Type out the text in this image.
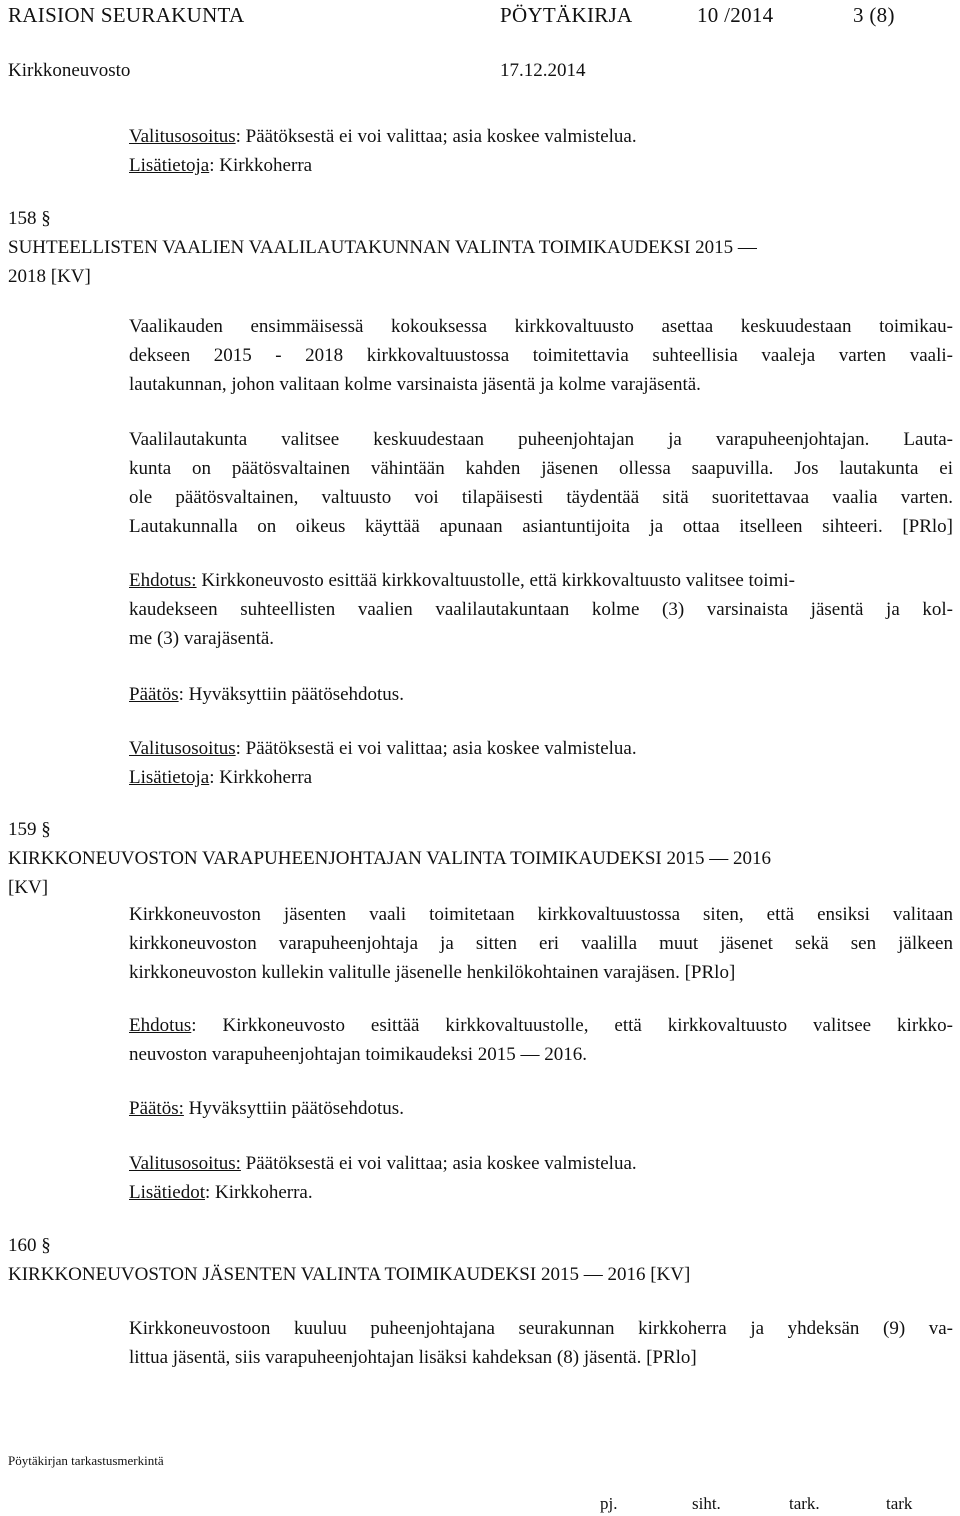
RAISION SEURAKUNTA	PÖYTÄKIRJA	10 /2014	3 (8)
Kirkkoneuvosto	17.12.2014
Valitusosoitus: Päätöksestä ei voi valittaa; asia koskee valmistelua.
Lisätietoja: Kirkkoherra
158 §
SUHTEELLISTEN VAALIEN VAALILAUTAKUNNAN VALINTA TOIMIKAUDEKSI 2015 —
2018 [KV]
Vaalikauden ensimmäisessä kokouksessa kirkkovaltuusto asettaa keskuudestaan toimikau-
dekseen 2015 - 2018 kirkkovaltuustossa toimitettavia suhteellisia vaaleja varten vaali-
lautakunnan, johon valitaan kolme varsinaista jäsentä ja kolme varajäsentä.
Vaalilautakunta valitsee keskuudestaan puheenjohtajan ja varapuheenjohtajan. Lauta-
kunta on päätösvaltainen vähintään kahden jäsenen ollessa saapuvilla. Jos lautakunta ei
ole päätösvaltainen, valtuusto voi tilapäisesti täydentää sitä suoritettavaa vaalia varten.
Lautakunnalla on oikeus käyttää apunaan asiantuntijoita ja ottaa itselleen sihteeri. [PRlo]
Ehdotus: Kirkkoneuvosto esittää kirkkovaltuustolle, että kirkkovaltuusto valitsee toimi-
kaudekseen suhteellisten vaalien vaalilautakuntaan kolme (3) varsinaista jäsentä ja kol-
me (3) varajäsentä.
Päätös: Hyväksyttiin päätösehdotus.
Valitusosoitus: Päätöksestä ei voi valittaa; asia koskee valmistelua.
Lisätietoja: Kirkkoherra
159 §
KIRKKONEUVOSTON VARAPUHEENJOHTAJAN VALINTA TOIMIKAUDEKSI 2015 — 2016
[KV]
Kirkkoneuvoston jäsenten vaali toimitetaan kirkkovaltuustossa siten, että ensiksi valitaan
kirkkoneuvoston varapuheenjohtaja ja sitten eri vaalilla muut jäsenet sekä sen jälkeen
kirkkoneuvoston kullekin valitulle jäsenelle henkilökohtainen varajäsen. [PRlo]
Ehdotus: Kirkkoneuvosto esittää kirkkovaltuustolle, että kirkkovaltuusto valitsee kirkko-
neuvoston varapuheenjohtajan toimikaudeksi 2015 — 2016.
Päätös: Hyväksyttiin päätösehdotus.
Valitusosoitus: Päätöksestä ei voi valittaa; asia koskee valmistelua.
Lisätiedot: Kirkkoherra.
160 §
KIRKKONEUVOSTON JÄSENTEN VALINTA TOIMIKAUDEKSI 2015 — 2016 [KV]
Kirkkoneuvostoon kuuluu puheenjohtajana seurakunnan kirkkoherra ja yhdeksän (9) va-
littua jäsentä, siis varapuheenjohtajan lisäksi kahdeksan (8) jäsentä. [PRlo]
Pöytäkirjan tarkastusmerkintä
pj.	siht.	tark.	tark
